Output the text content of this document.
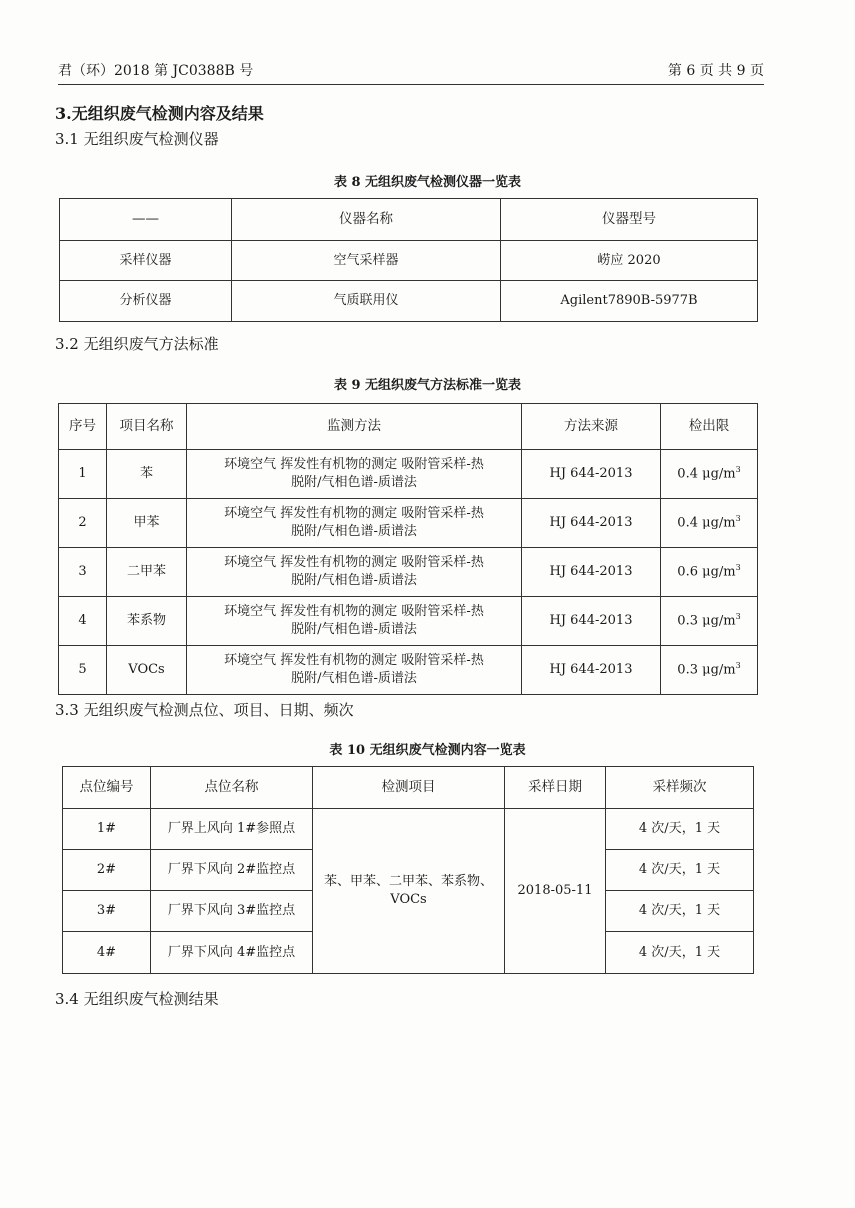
君（环）2018 第 JC0388B 号	第 6 页 共 9 页
3.无组织废气检测内容及结果
3.1 无组织废气检测仪器
表 8 无组织废气检测仪器一览表
——	仪器名称	仪器型号
采样仪器	空气采样器	崂应 2020
分析仪器	气质联用仪	Agilent7890B-5977B
3.2 无组织废气方法标准
表 9 无组织废气方法标准一览表
序号	项目名称	监测方法	方法来源	检出限
1	苯	环境空气 挥发性有机物的测定 吸附管采样-热
脱附/气相色谱-质谱法	HJ 644-2013	0.4 $\mu g/m^3$
2	甲苯	环境空气 挥发性有机物的测定 吸附管采样-热
脱附/气相色谱-质谱法	HJ 644-2013	0.4 $\mu g/m^3$
3	二甲苯	环境空气 挥发性有机物的测定 吸附管采样-热
脱附/气相色谱-质谱法	HJ 644-2013	0.6 $\mu g/m^3$
4	苯系物	环境空气 挥发性有机物的测定 吸附管采样-热
脱附/气相色谱-质谱法	HJ 644-2013	0.3 $\mu g/m^3$
5	VOCs	环境空气 挥发性有机物的测定 吸附管采样-热
脱附/气相色谱-质谱法	HJ 644-2013	0.3 $\mu g/m^3$
3.3 无组织废气检测点位、项目、日期、频次
表 10 无组织废气检测内容一览表
点位编号	点位名称	检测项目	采样日期	采样频次
1#	厂界上风向 1#参照点	苯、甲苯、二甲苯、苯系物、
VOCs	2018-05-11	4 次/天，1 天
2#	厂界下风向 2#监控点			4 次/天，1 天
3#	厂界下风向 3#监控点			4 次/天，1 天
4#	厂界下风向 4#监控点			4 次/天，1 天
3.4 无组织废气检测结果
